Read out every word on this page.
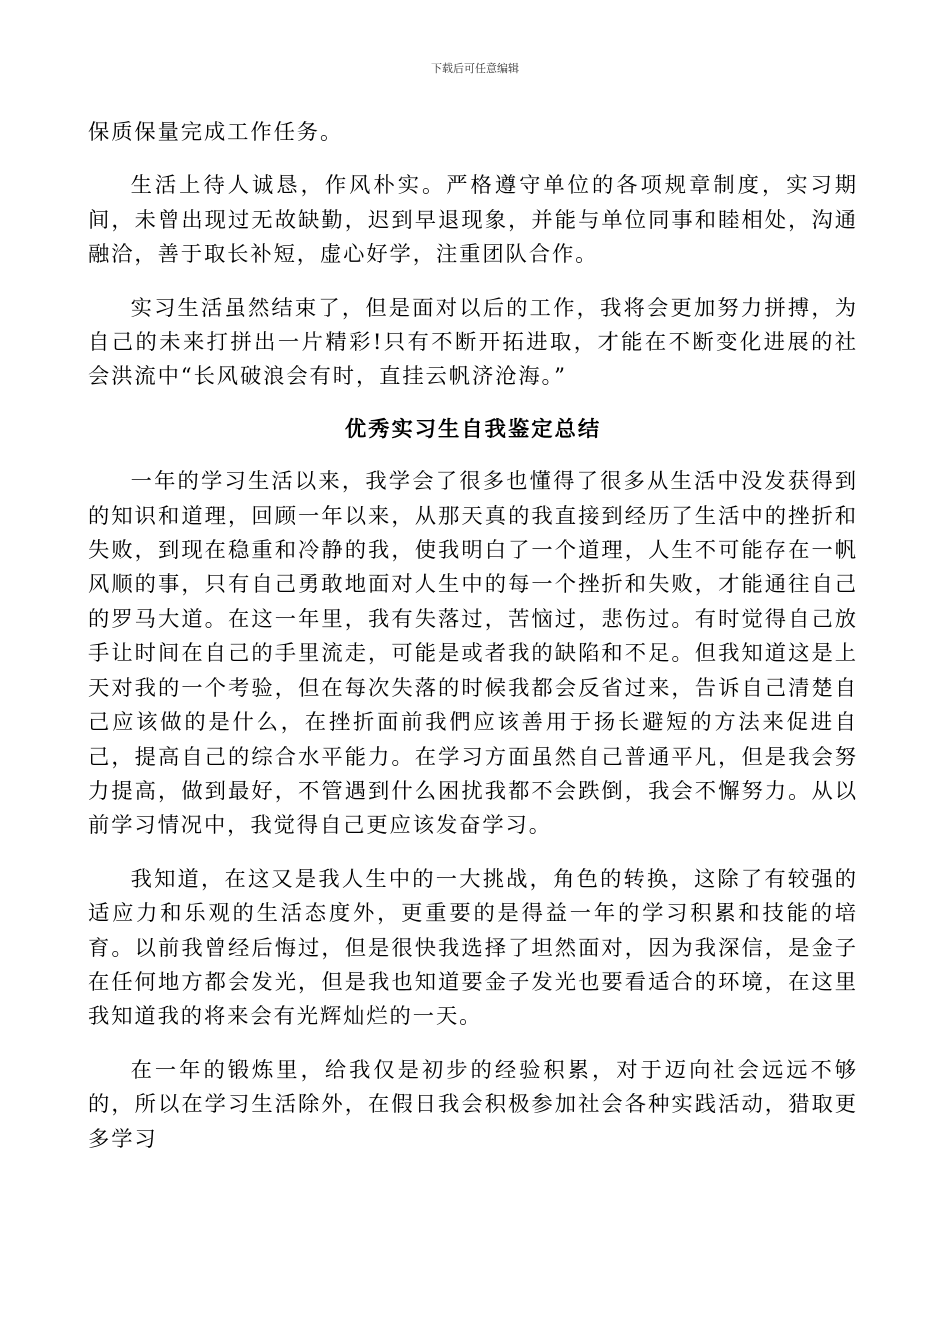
下载后可任意编辑

保质保量完成工作任务。

生活上待人诚恳，作风朴实。严格遵守单位的各项规章制度，实习期间，未曾出现过无故缺勤，迟到早退现象，并能与单位同事和睦相处，沟通融洽，善于取长补短，虚心好学，注重团队合作。

实习生活虽然结束了，但是面对以后的工作，我将会更加努力拼搏，为自己的未来打拼出一片精彩!只有不断开拓进取，才能在不断变化进展的社会洪流中“长风破浪会有时，直挂云帆济沧海。”

优秀实习生自我鉴定总结

一年的学习生活以来，我学会了很多也懂得了很多从生活中没发获得到的知识和道理，回顾一年以来，从那天真的我直接到经历了生活中的挫折和失败，到现在稳重和冷静的我，使我明白了一个道理，人生不可能存在一帆风顺的事，只有自己勇敢地面对人生中的每一个挫折和失败，才能通往自己的罗马大道。在这一年里，我有失落过，苦恼过，悲伤过。有时觉得自己放手让时间在自己的手里流走，可能是或者我的缺陷和不足。但我知道这是上天对我的一个考验，但在每次失落的时候我都会反省过来，告诉自己清楚自己应该做的是什么，在挫折面前我們应该善用于扬长避短的方法来促进自己，提高自己的综合水平能力。在学习方面虽然自己普通平凡，但是我会努力提高，做到最好，不管遇到什么困扰我都不会跌倒，我会不懈努力。从以前学习情况中，我觉得自己更应该发奋学习。

我知道，在这又是我人生中的一大挑战，角色的转换，这除了有较强的适应力和乐观的生活态度外，更重要的是得益一年的学习积累和技能的培育。以前我曾经后悔过，但是很快我选择了坦然面对，因为我深信，是金子在任何地方都会发光，但是我也知道要金子发光也要看适合的环境，在这里我知道我的将来会有光辉灿烂的一天。

在一年的锻炼里，给我仅是初步的经验积累，对于迈向社会远远不够的，所以在学习生活除外，在假日我会积极参加社会各种实践活动，猎取更多学习
